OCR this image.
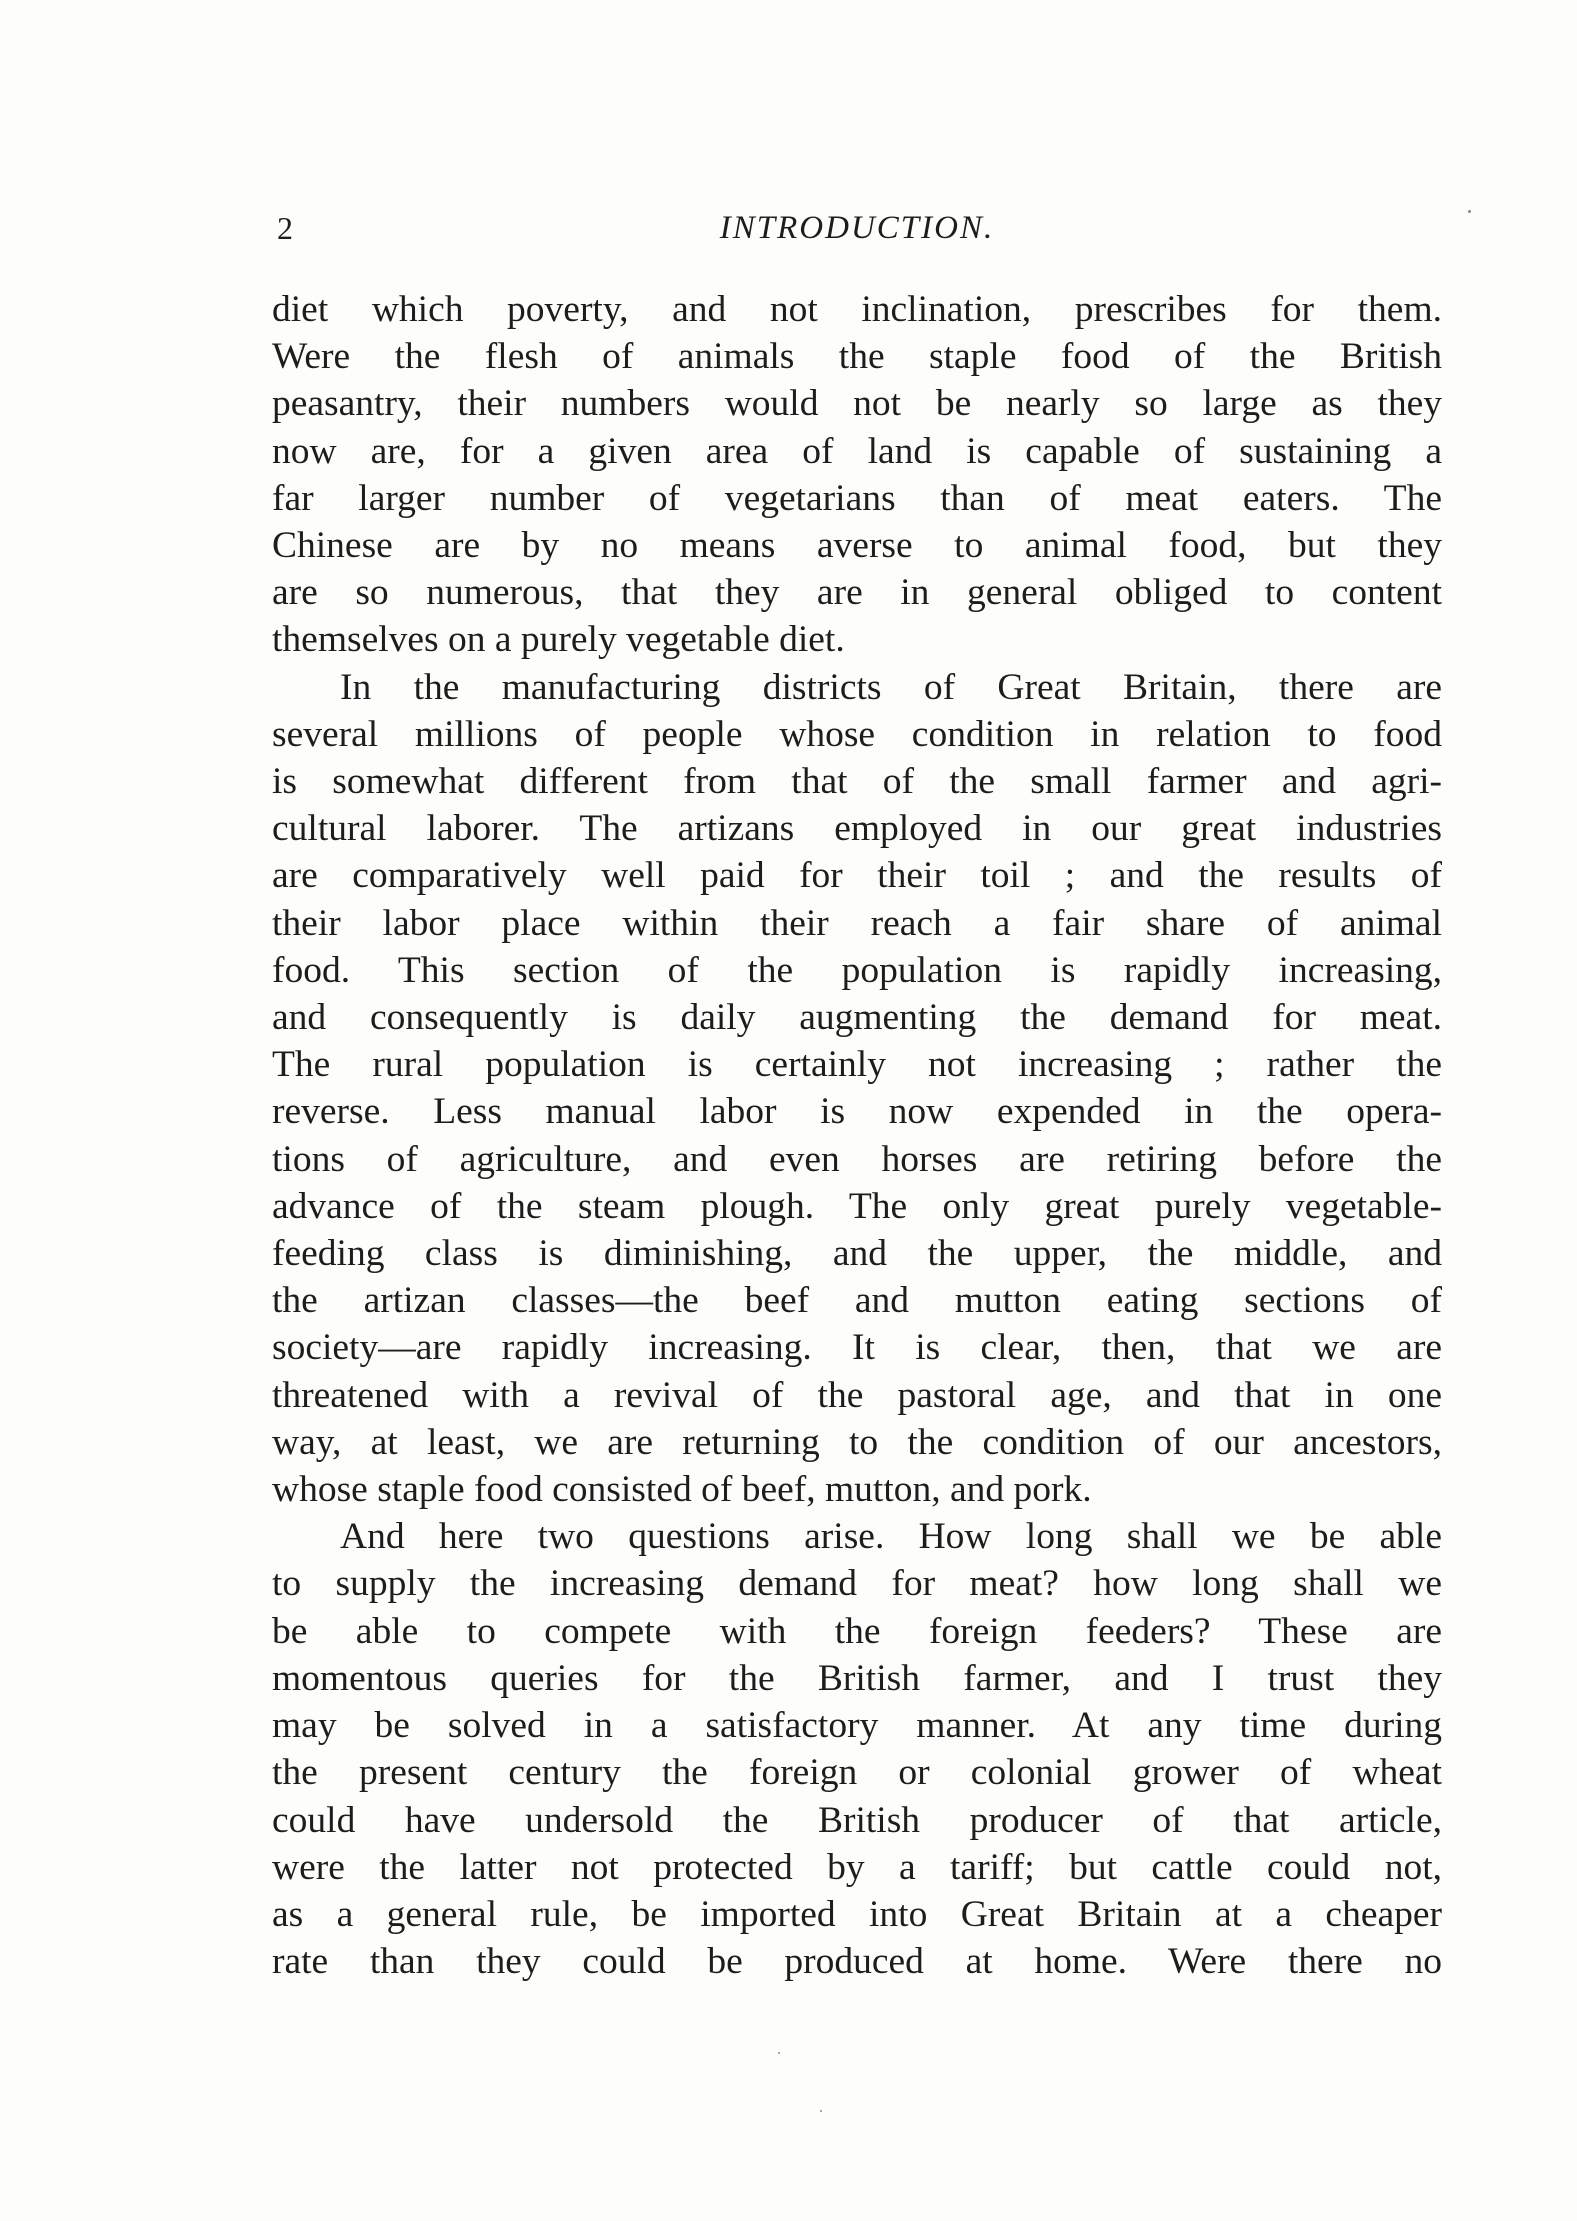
2	INTRODUCTION.

diet which poverty, and not inclination, prescribes for them.
Were the flesh of animals the staple food of the British
peasantry, their numbers would not be nearly so large as they
now are, for a given area of land is capable of sustaining a
far larger number of vegetarians than of meat eaters. The
Chinese are by no means averse to animal food, but they
are so numerous, that they are in general obliged to content
themselves on a purely vegetable diet.

In the manufacturing districts of Great Britain, there are
several millions of people whose condition in relation to food
is somewhat different from that of the small farmer and agri-
cultural laborer. The artizans employed in our great industries
are comparatively well paid for their toil ; and the results of
their labor place within their reach a fair share of animal
food. This section of the population is rapidly increasing,
and consequently is daily augmenting the demand for meat.
The rural population is certainly not increasing ; rather the
reverse. Less manual labor is now expended in the opera-
tions of agriculture, and even horses are retiring before the
advance of the steam plough. The only great purely vegetable-
feeding class is diminishing, and the upper, the middle, and
the artizan classes—the beef and mutton eating sections of
society—are rapidly increasing. It is clear, then, that we are
threatened with a revival of the pastoral age, and that in one
way, at least, we are returning to the condition of our ancestors,
whose staple food consisted of beef, mutton, and pork.

And here two questions arise. How long shall we be able
to supply the increasing demand for meat? how long shall we
be able to compete with the foreign feeders? These are
momentous queries for the British farmer, and I trust they
may be solved in a satisfactory manner. At any time during
the present century the foreign or colonial grower of wheat
could have undersold the British producer of that article,
were the latter not protected by a tariff; but cattle could not,
as a general rule, be imported into Great Britain at a cheaper
rate than they could be produced at home. Were there no
